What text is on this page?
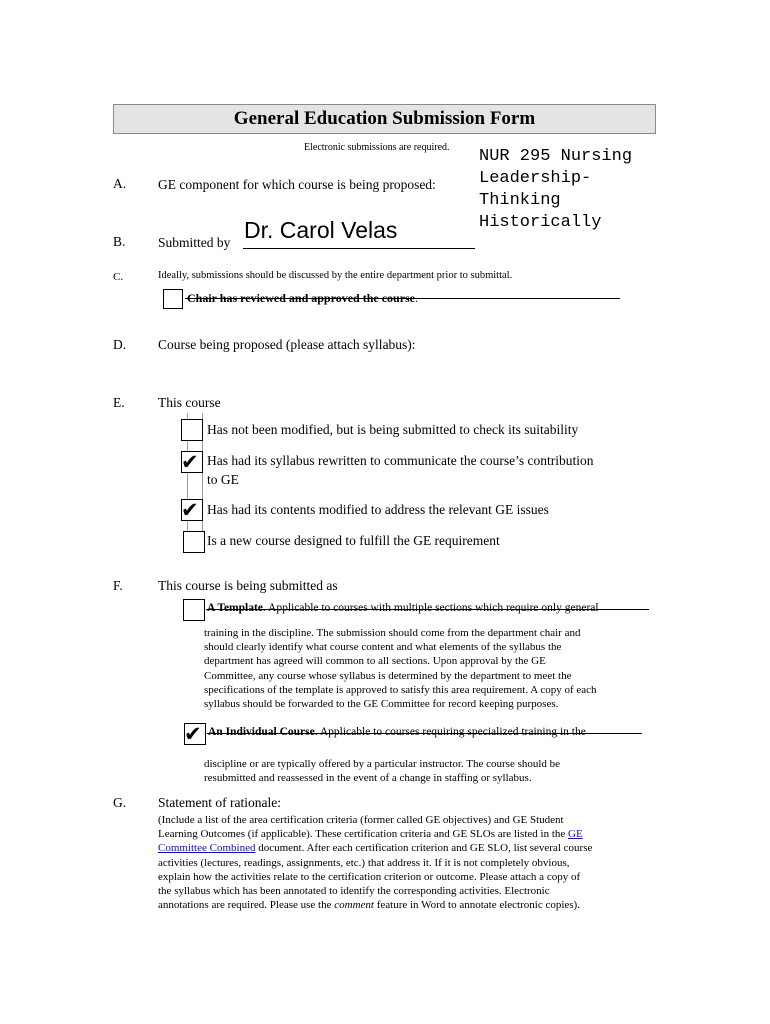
General Education Submission Form
Electronic submissions are required. NUR 295 Nursing
Leadership-
Thinking
Historically
A. GE component for which course is being proposed:
B. Submitted by Dr. Carol Velas
C.	Ideally, submissions should be discussed by the entire department prior to submittal.
Chair has reviewed and approved the course.
D. Course being proposed (please attach syllabus):
E. This course
Has not been modified, but is being submitted to check its suitability
✔ Has had its syllabus rewritten to communicate the course’s contribution
to GE
✔ Has had its contents modified to address the relevant GE issues
Is a new course designed to fulfill the GE requirement
F.	This course is being submitted as
A Template. Applicable to courses with multiple sections which require only general
training in the discipline. The submission should come from the department chair and
should clearly identify what course content and what elements of the syllabus the
department has agreed will common to all sections. Upon approval by the GE
Committee, any course whose syllabus is determined by the department to meet the
specifications of the template is approved to satisfy this area requirement. A copy of each
syllabus should be forwarded to the GE Committee for record keeping purposes.
✔ An Individual Course. Applicable to courses requiring specialized training in the
discipline or are typically offered by a particular instructor. The course should be
resubmitted and reassessed in the event of a change in staffing or syllabus.
G. Statement of rationale:
(Include a list of the area certification criteria (former called GE objectives) and GE Student
Learning Outcomes (if applicable). These certification criteria and GE SLOs are listed in the GE
Committee Combined document. After each certification criterion and GE SLO, list several course
activities (lectures, readings, assignments, etc.) that address it. If it is not completely obvious,
explain how the activities relate to the certification criterion or outcome. Please attach a copy of
the syllabus which has been annotated to identify the corresponding activities. Electronic
annotations are required. Please use the comment feature in Word to annotate electronic copies).
